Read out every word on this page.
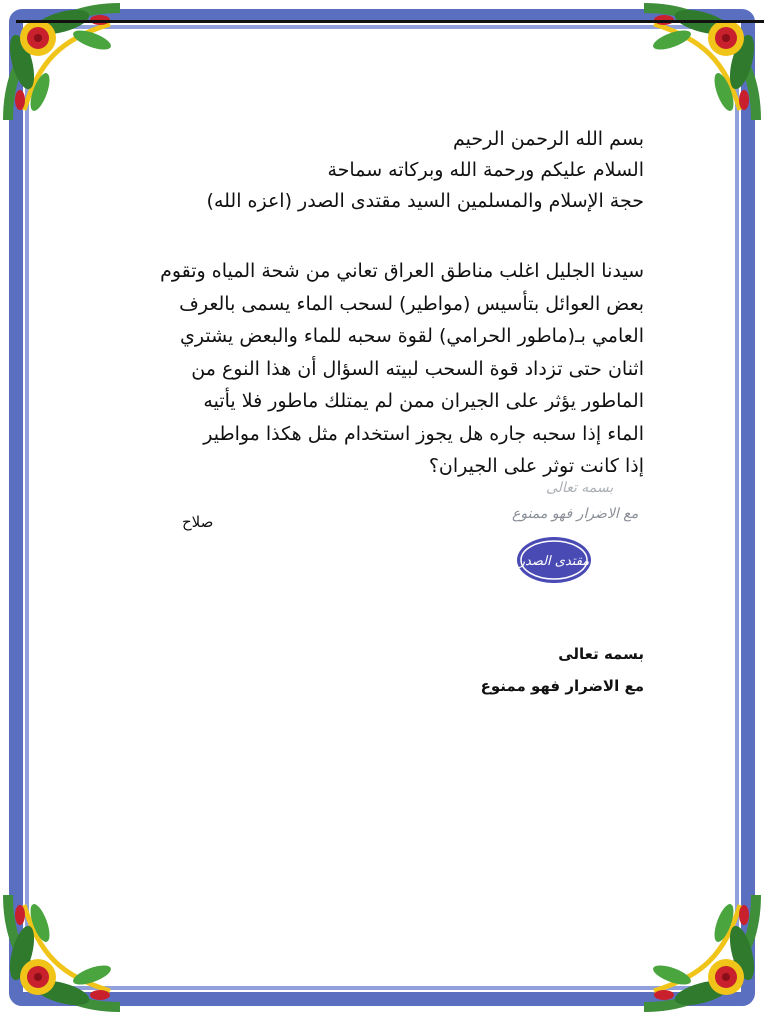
بسم الله الرحمن الرحيم
السلام عليكم ورحمة الله وبركاته سماحة
حجة الإسلام والمسلمين السيد مقتدى الصدر (اعزه الله)
سيدنا الجليل اغلب مناطق العراق تعاني من شحة المياه وتقوم
بعض العوائل بتأسيس (مواطير) لسحب الماء يسمى بالعرف
العامي بـ(ماطور الحرامي) لقوة سحبه للماء والبعض يشتري
اثنان حتى تزداد قوة السحب لبيته السؤال أن هذا النوع من
الماطور يؤثر على الجيران ممن لم يمتلك ماطور فلا يأتيه
الماء إذا سحبه جاره هل يجوز استخدام مثل هكذا مواطير
إذا كانت توثر على الجيران؟
بسمه تعالى
مع الاضرار فهو ممنوع
صلاح
مقتدى الصدر
بسمه تعالى
مع الاضرار فهو ممنوع
